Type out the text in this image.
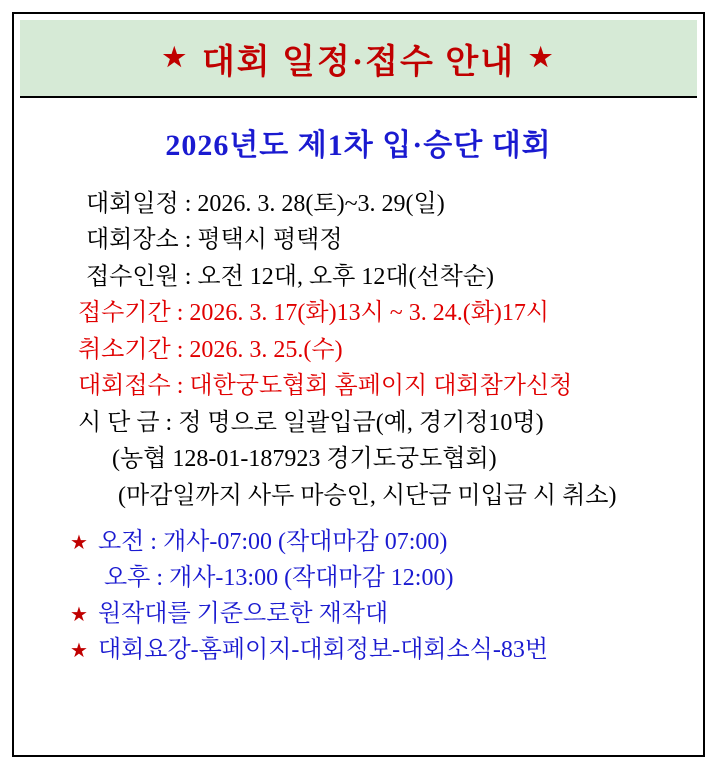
★ 대회 일정·접수 안내 ★
2026년도 제1차 입·승단 대회
대회일정 : 2026. 3. 28(토)~3. 29(일)
대회장소 : 평택시 평택정
접수인원 : 오전 12대, 오후 12대(선착순)
접수기간 : 2026. 3. 17(화)13시 ~ 3. 24.(화)17시
취소기간 : 2026. 3. 25.(수)
대회접수 : 대한궁도협회 홈페이지 대회참가신청
시 단 금 : 정 명으로 일괄입금(예, 경기정10명)
(농협 128-01-187923 경기도궁도협회)
(마감일까지 사두 마승인, 시단금 미입금 시 취소)
★ 오전 : 개사-07:00 (작대마감 07:00)
오후 : 개사-13:00 (작대마감 12:00)
★ 원작대를 기준으로한 재작대
★ 대회요강-홈페이지-대회정보-대회소식-83번
